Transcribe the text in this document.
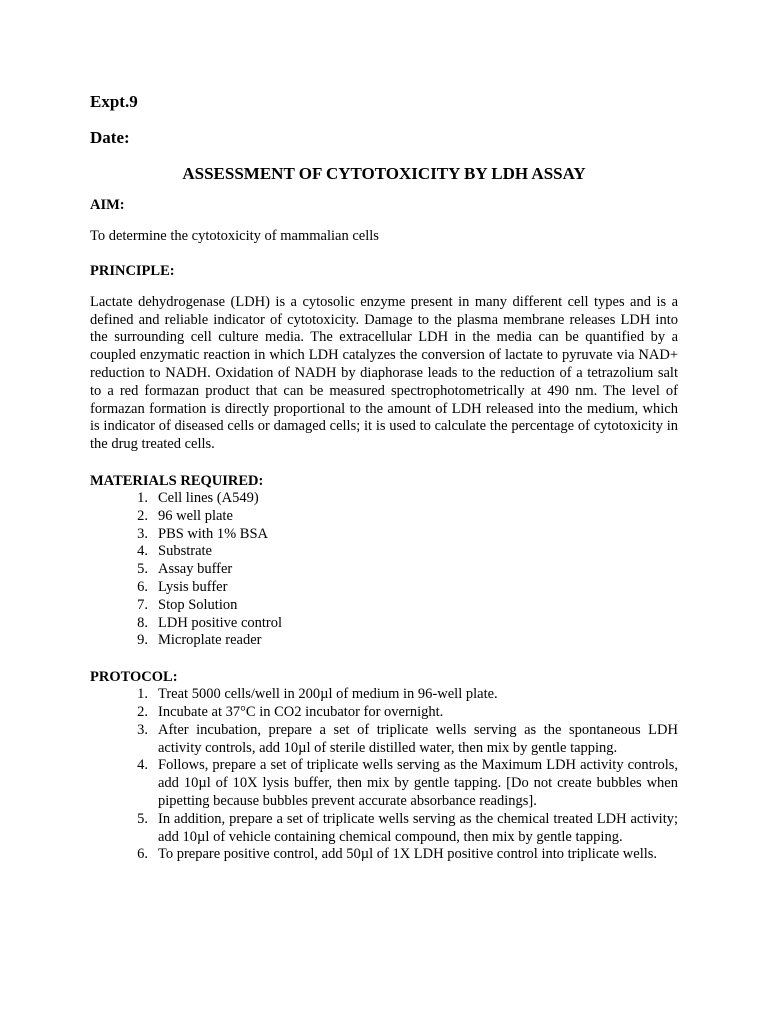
Expt.9

Date:

ASSESSMENT OF CYTOTOXICITY BY LDH ASSAY

AIM:

To determine the cytotoxicity of mammalian cells

PRINCIPLE:

Lactate dehydrogenase (LDH) is a cytosolic enzyme present in many different cell types and is a defined and reliable indicator of cytotoxicity. Damage to the plasma membrane releases LDH into the surrounding cell culture media. The extracellular LDH in the media can be quantified by a coupled enzymatic reaction in which LDH catalyzes the conversion of lactate to pyruvate via NAD+ reduction to NADH. Oxidation of NADH by diaphorase leads to the reduction of a tetrazolium salt to a red formazan product that can be measured spectrophotometrically at 490 nm. The level of formazan formation is directly proportional to the amount of LDH released into the medium, which is indicator of diseased cells or damaged cells; it is used to calculate the percentage of cytotoxicity in the drug treated cells.

MATERIALS REQUIRED:

1. Cell lines (A549)
2. 96 well plate
3. PBS with 1% BSA
4. Substrate
5. Assay buffer
6. Lysis buffer
7. Stop Solution
8. LDH positive control
9. Microplate reader

PROTOCOL:

1. Treat 5000 cells/well in 200µl of medium in 96-well plate.
2. Incubate at 37°C in CO2 incubator for overnight.
3. After incubation, prepare a set of triplicate wells serving as the spontaneous LDH activity controls, add 10µl of sterile distilled water, then mix by gentle tapping.
4. Follows, prepare a set of triplicate wells serving as the Maximum LDH activity controls, add 10µl of 10X lysis buffer, then mix by gentle tapping. [Do not create bubbles when pipetting because bubbles prevent accurate absorbance readings].
5. In addition, prepare a set of triplicate wells serving as the chemical treated LDH activity; add 10µl of vehicle containing chemical compound, then mix by gentle tapping.
6. To prepare positive control, add 50µl of 1X LDH positive control into triplicate wells.
